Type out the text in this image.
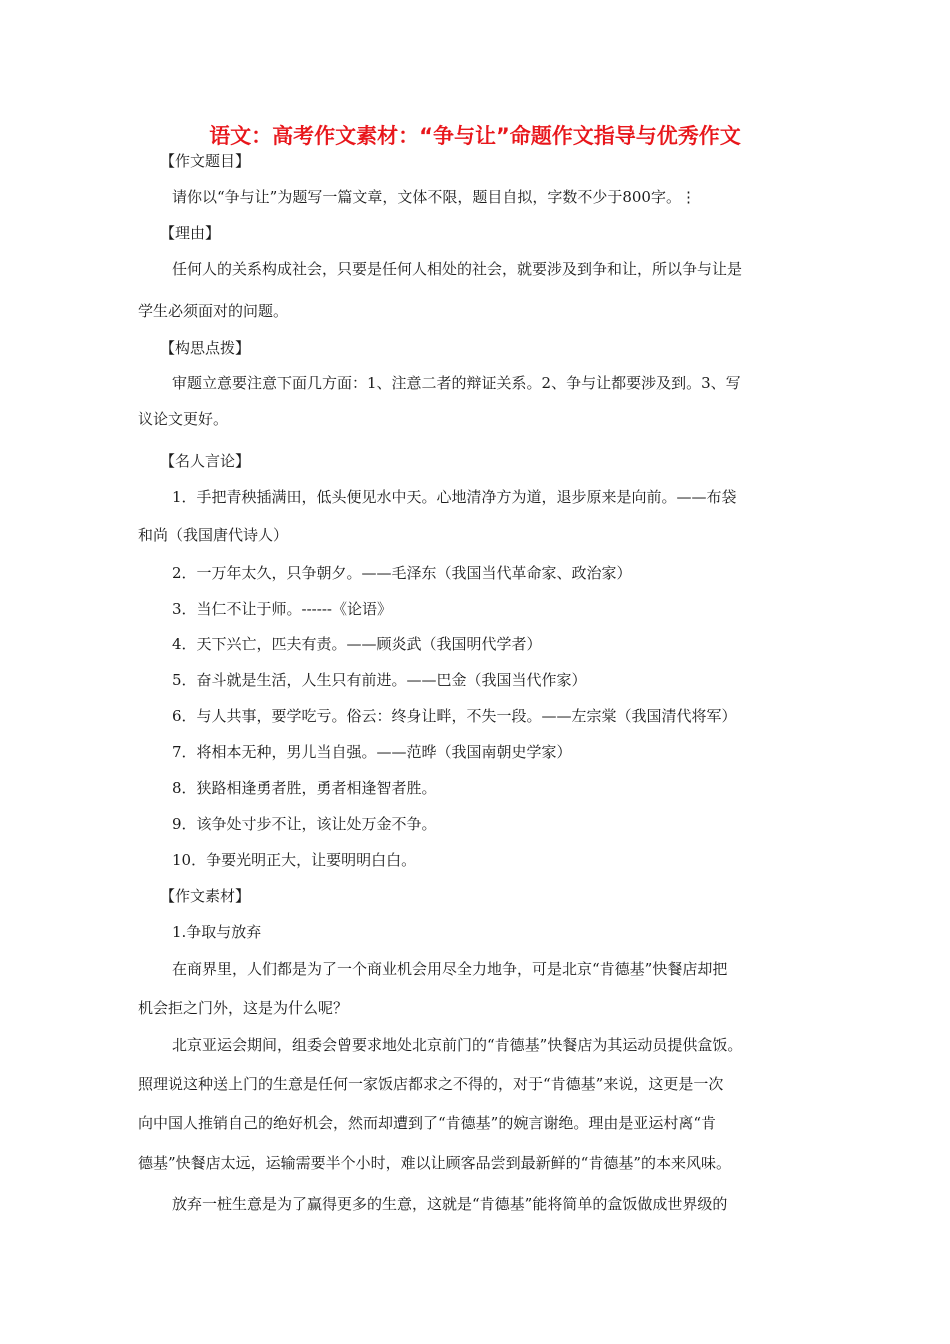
语文：高考作文素材：“争与让”命题作文指导与优秀作文
【作文题目】
请你以“争与让”为题写一篇文章，文体不限，题目自拟，字数不少于800字。⋮
【理由】
任何人的关系构成社会，只要是任何人相处的社会，就要涉及到争和让，所以争与让是
学生必须面对的问题。
【构思点拨】
审题立意要注意下面几方面：1、注意二者的辩证关系。2、争与让都要涉及到。3、写
议论文更好。
【名人言论】
1．手把青秧插满田，低头便见水中天。心地清净方为道，退步原来是向前。——布袋
和尚（我国唐代诗人）
2．一万年太久，只争朝夕。——毛泽东（我国当代革命家、政治家）
3．当仁不让于师。------《论语》
4．天下兴亡，匹夫有责。——顾炎武（我国明代学者）
5．奋斗就是生活，人生只有前进。——巴金（我国当代作家）
6．与人共事，要学吃亏。俗云：终身让畔，不失一段。——左宗棠（我国清代将军）
7．将相本无种，男儿当自强。——范晔（我国南朝史学家）
8．狭路相逢勇者胜，勇者相逢智者胜。
9．该争处寸步不让，该让处万金不争。
10．争要光明正大，让要明明白白。
【作文素材】
1.争取与放弃
在商界里，人们都是为了一个商业机会用尽全力地争，可是北京“肯德基”快餐店却把
机会拒之门外，这是为什么呢？
北京亚运会期间，组委会曾要求地处北京前门的“肯德基”快餐店为其运动员提供盒饭。
照理说这种送上门的生意是任何一家饭店都求之不得的，对于“肯德基”来说，这更是一次
向中国人推销自己的绝好机会，然而却遭到了“肯德基”的婉言谢绝。理由是亚运村离“肯
德基”快餐店太远，运输需要半个小时，难以让顾客品尝到最新鲜的“肯德基”的本来风味。
放弃一桩生意是为了赢得更多的生意，这就是“肯德基”能将简单的盒饭做成世界级的
